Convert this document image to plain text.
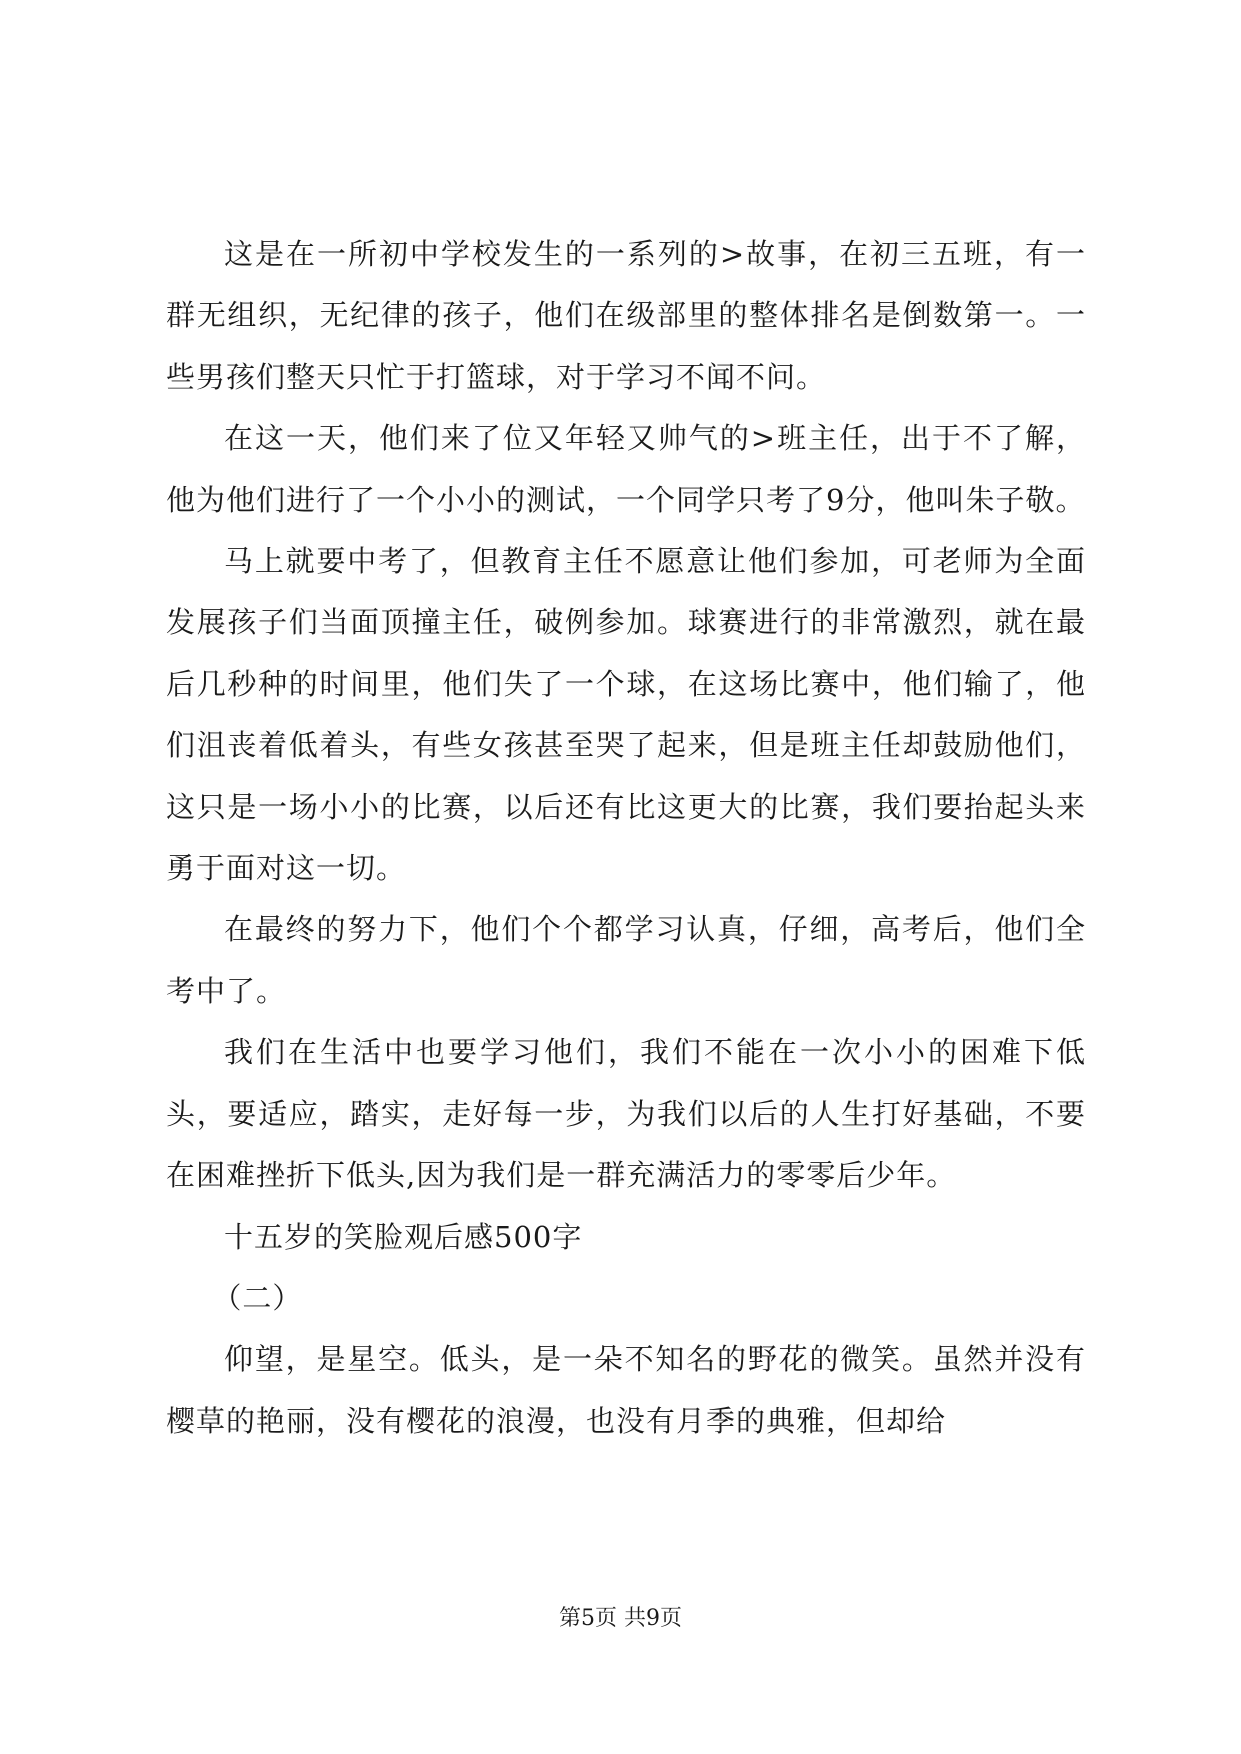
这是在一所初中学校发生的一系列的>故事，在初三五班，有一群无组织，无纪律的孩子，他们在级部里的整体排名是倒数第一。一些男孩们整天只忙于打篮球，对于学习不闻不问。

在这一天，他们来了位又年轻又帅气的>班主任，出于不了解，他为他们进行了一个小小的测试，一个同学只考了9分，他叫朱子敬。

马上就要中考了，但教育主任不愿意让他们参加，可老师为全面发展孩子们当面顶撞主任，破例参加。球赛进行的非常激烈，就在最后几秒种的时间里，他们失了一个球，在这场比赛中，他们输了，他们沮丧着低着头，有些女孩甚至哭了起来，但是班主任却鼓励他们，这只是一场小小的比赛，以后还有比这更大的比赛，我们要抬起头来勇于面对这一切。

在最终的努力下，他们个个都学习认真，仔细，高考后，他们全考中了。

我们在生活中也要学习他们，我们不能在一次小小的困难下低头，要适应，踏实，走好每一步，为我们以后的人生打好基础，不要在困难挫折下低头,因为我们是一群充满活力的零零后少年。

十五岁的笑脸观后感500字

（二）

仰望，是星空。低头，是一朵不知名的野花的微笑。虽然并没有樱草的艳丽，没有樱花的浪漫，也没有月季的典雅，但却给

第5页 共9页
